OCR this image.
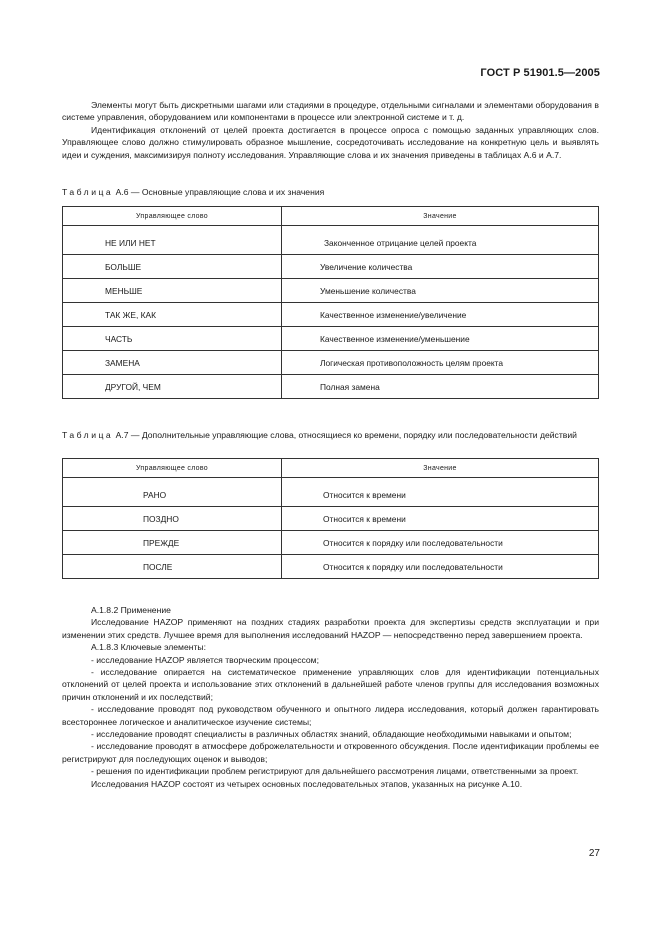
ГОСТ Р 51901.5—2005

Элементы могут быть дискретными шагами или стадиями в процедуре, отдельными сигналами и элементами оборудования в системе управления, оборудованием или компонентами в процессе или электронной системе и т. д.

Идентификация отклонений от целей проекта достигается в процессе опроса с помощью заданных управляющих слов. Управляющее слово должно стимулировать образное мышление, сосредоточивать исследование на конкретную цель и выявлять идеи и суждения, максимизируя полноту исследования. Управляющие слова и их значения приведены в таблицах А.6 и А.7.

Таблица А.6 — Основные управляющие слова и их значения
Управляющее слово	Значение
НЕ ИЛИ НЕТ	Законченное отрицание целей проекта
БОЛЬШЕ	Увеличение количества
МЕНЬШЕ	Уменьшение количества
ТАК ЖЕ, КАК	Качественное изменение/увеличение
ЧАСТЬ	Качественное изменение/уменьшение
ЗАМЕНА	Логическая противоположность целям проекта
ДРУГОЙ, ЧЕМ	Полная замена
Таблица А.7 — Дополнительные управляющие слова, относящиеся ко времени, порядку или последовательности действий
Управляющее слово	Значение
РАНО	Относится к времени
ПОЗДНО	Относится к времени
ПРЕЖДЕ	Относится к порядку или последовательности
ПОСЛЕ	Относится к порядку или последовательности

А.1.8.2 Применение

Исследование HAZOP применяют на поздних стадиях разработки проекта для экспертизы средств эксплуатации и при изменении этих средств. Лучшее время для выполнения исследований HAZOP — непосредственно перед завершением проекта.

А.1.8.3 Ключевые элементы:

- исследование HAZOP является творческим процессом;

- исследование опирается на систематическое применение управляющих слов для идентификации потенциальных отклонений от целей проекта и использование этих отклонений в дальнейшей работе членов группы для исследования возможных причин отклонений и их последствий;

- исследование проводят под руководством обученного и опытного лидера исследования, который должен гарантировать всестороннее логическое и аналитическое изучение системы;

- исследование проводят специалисты в различных областях знаний, обладающие необходимыми навыками и опытом;

- исследование проводят в атмосфере доброжелательности и откровенного обсуждения. После идентификации проблемы ее регистрируют для последующих оценок и выводов;

- решения по идентификации проблем регистрируют для дальнейшего рассмотрения лицами, ответственными за проект.

Исследования HAZOP состоят из четырех основных последовательных этапов, указанных на рисунке А.10.

27
